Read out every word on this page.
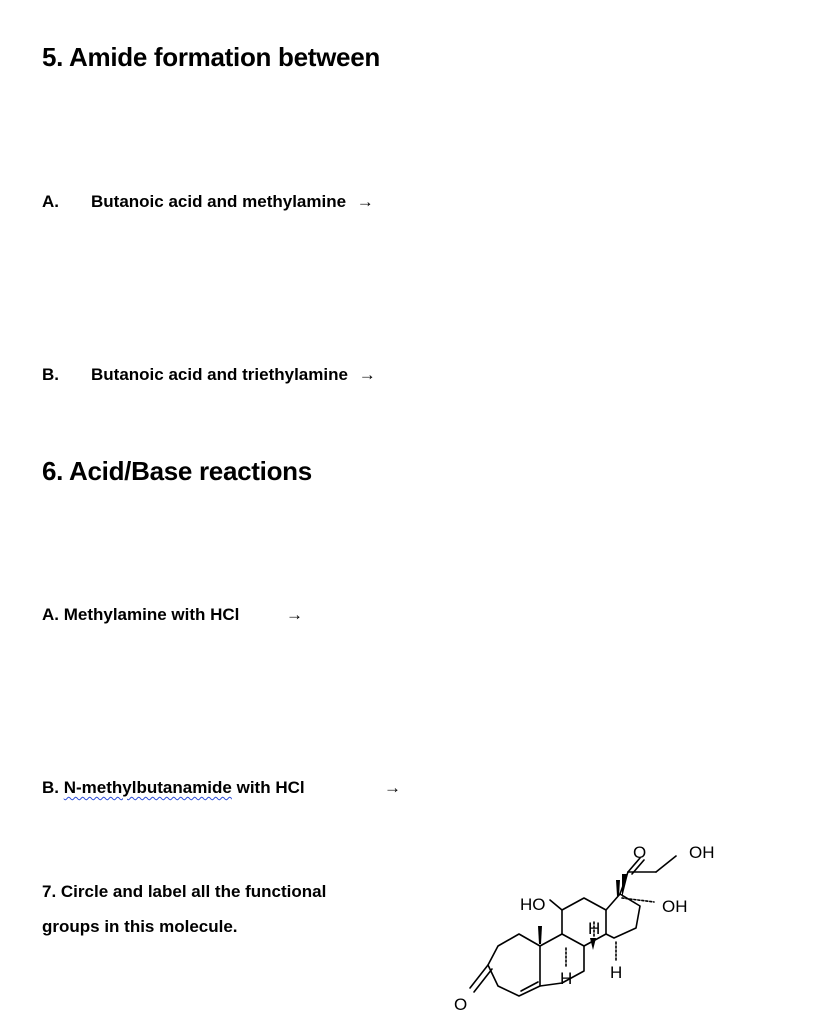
5. Amide formation between
A. Butanoic acid and methylamine →
B. Butanoic acid and triethylamine →
6. Acid/Base reactions
A. Methylamine with HCl	→
B. N-methylbutanamide with HCl	→
7. Circle and label all the functional
groups in this molecule.
O
HO
O	OH
OH
H
H
H
